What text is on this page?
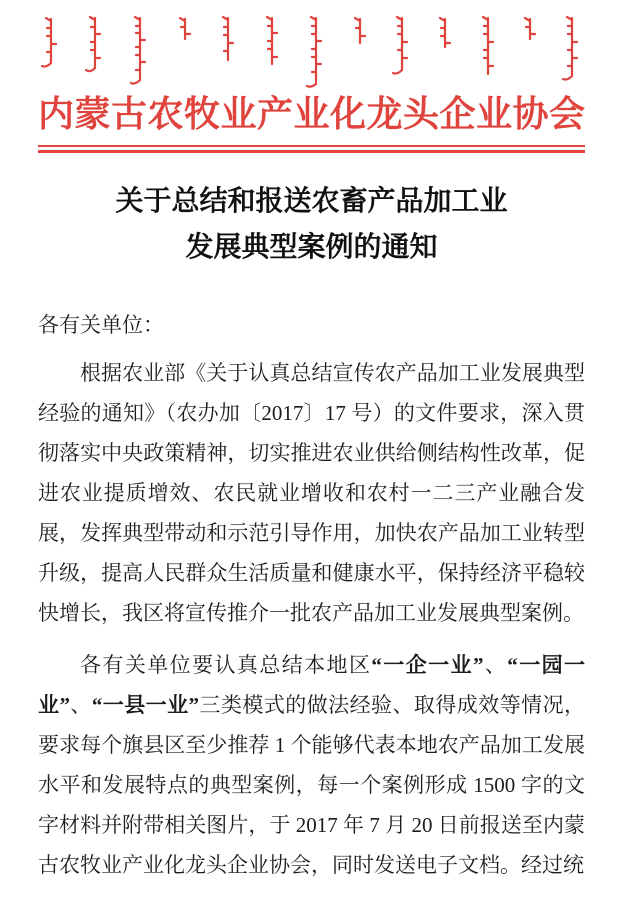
内蒙古农牧业产业化龙头企业协会
关于总结和报送农畜产品加工业
发展典型案例的通知
各有关单位：

根据农业部《关于认真总结宣传农产品加工业发展典型经验的通知》（农办加〔2017〕17 号）的文件要求，深入贯彻落实中央政策精神，切实推进农业供给侧结构性改革，促进农业提质增效、农民就业增收和农村一二三产业融合发展，发挥典型带动和示范引导作用，加快农产品加工业转型升级，提高人民群众生活质量和健康水平，保持经济平稳较快增长，我区将宣传推介一批农产品加工业发展典型案例。

各有关单位要认真总结本地区“一企一业”、“一园一业”、“一县一业”三类模式的做法经验、取得成效等情况，要求每个旗县区至少推荐 1 个能够代表本地农产品加工发展水平和发展特点的典型案例，每一个案例形成 1500 字的文字材料并附带相关图片，于 2017 年 7 月 20 日前报送至内蒙古农牧业产业化龙头企业协会，同时发送电子文档。经过统
